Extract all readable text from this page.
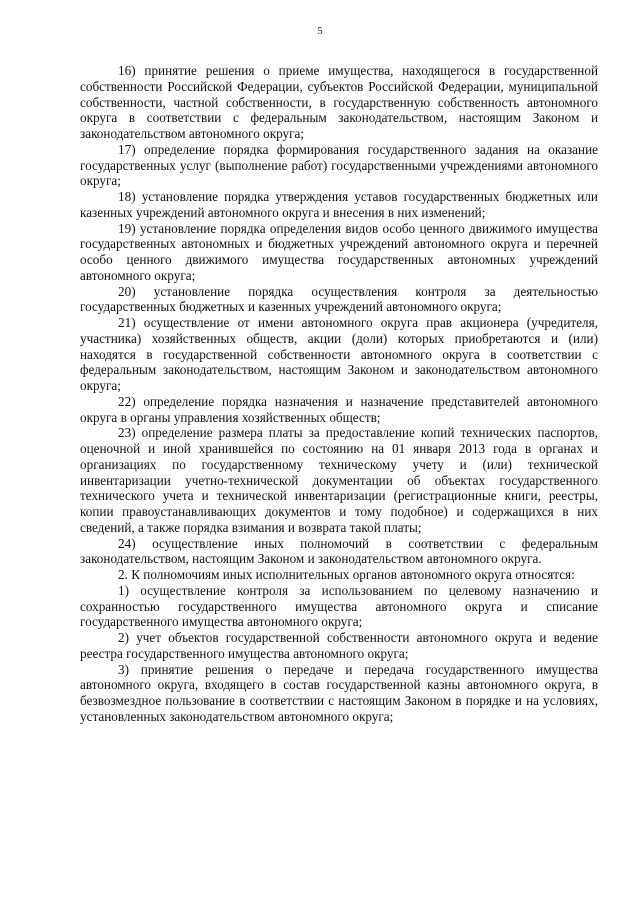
5

16) принятие решения о приеме имущества, находящегося в государственной собственности Российской Федерации, субъектов Российской Федерации, муниципальной собственности, частной собственности, в государственную собственность автономного округа в соответствии с федеральным законодательством, настоящим Законом и законодательством автономного округа;

17) определение порядка формирования государственного задания на оказание государственных услуг (выполнение работ) государственными учреждениями автономного округа;

18) установление порядка утверждения уставов государственных бюджетных или казенных учреждений автономного округа и внесения в них изменений;

19) установление порядка определения видов особо ценного движимого имущества государственных автономных и бюджетных учреждений автономного округа и перечней особо ценного движимого имущества государственных автономных учреждений автономного округа;

20) установление порядка осуществления контроля за деятельностью государственных бюджетных и казенных учреждений автономного округа;

21) осуществление от имени автономного округа прав акционера (учредителя, участника) хозяйственных обществ, акции (доли) которых приобретаются и (или) находятся в государственной собственности автономного округа в соответствии с федеральным законодательством, настоящим Законом и законодательством автономного округа;

22) определение порядка назначения и назначение представителей автономного округа в органы управления хозяйственных обществ;

23) определение размера платы за предоставление копий технических паспортов, оценочной и иной хранившейся по состоянию на 01 января 2013 года в органах и организациях по государственному техническому учету и (или) технической инвентаризации учетно-технической документации об объектах государственного технического учета и технической инвентаризации (регистрационные книги, реестры, копии правоустанавливающих документов и тому подобное) и содержащихся в них сведений, а также порядка взимания и возврата такой платы;

24) осуществление иных полномочий в соответствии с федеральным законодательством, настоящим Законом и законодательством автономного округа.

2. К полномочиям иных исполнительных органов автономного округа относятся:

1) осуществление контроля за использованием по целевому назначению и сохранностью государственного имущества автономного округа и списание государственного имущества автономного округа;

2) учет объектов государственной собственности автономного округа и ведение реестра государственного имущества автономного округа;

3) принятие решения о передаче и передача государственного имущества автономного округа, входящего в состав государственной казны автономного округа, в безвозмездное пользование в соответствии с настоящим Законом в порядке и на условиях, установленных законодательством автономного округа;
